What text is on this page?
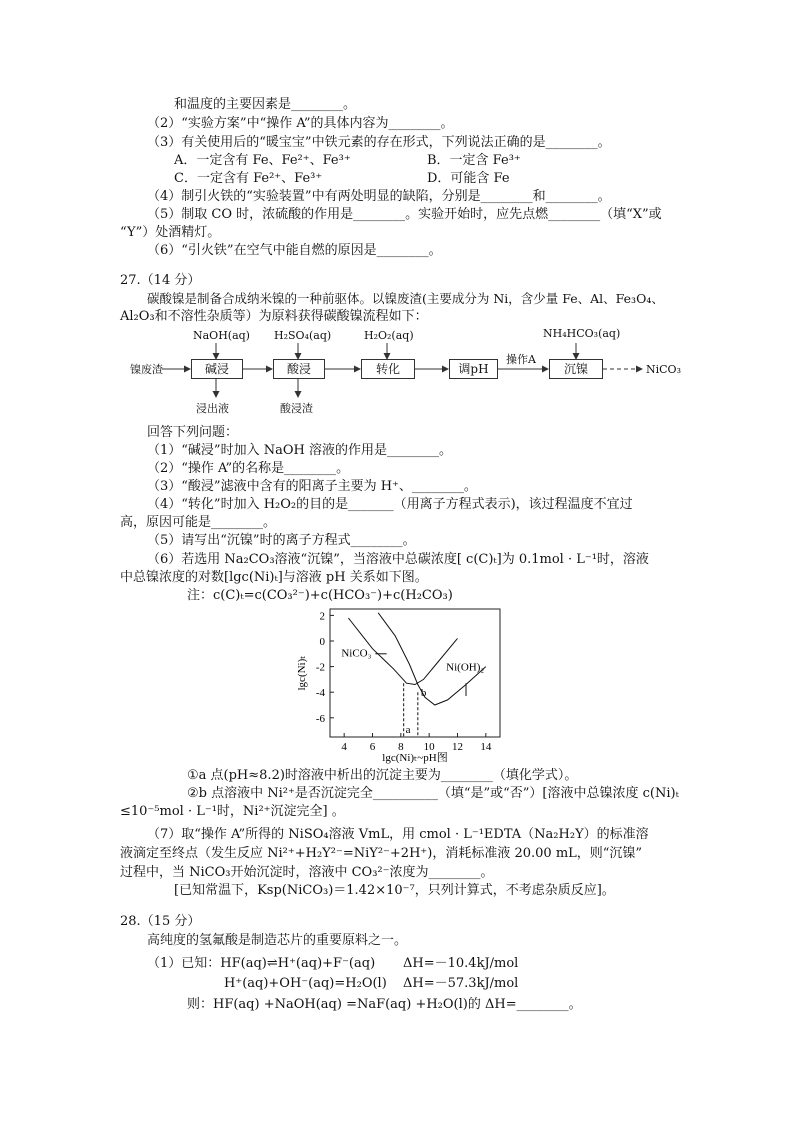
和温度的主要因素是________。
（2）“实验方案”中“操作 A”的具体内容为________。
（3）有关使用后的“暖宝宝”中铁元素的存在形式，下列说法正确的是________。
A．一定含有 Fe、Fe²⁺、Fe³⁺	B．一定含 Fe³⁺
C．一定含有 Fe²⁺、Fe³⁺	D．可能含 Fe
（4）制引火铁的“实验装置”中有两处明显的缺陷，分别是________和________。
（5）制取 CO 时，浓硫酸的作用是________。实验开始时，应先点燃________（填“X”或
“Y”）处酒精灯。
（6）“引火铁”在空气中能自燃的原因是________。
27.（14 分）
碳酸镍是制备合成纳米镍的一种前驱体。以镍废渣(主要成分为 Ni，含少量 Fe、Al、Fe₃O₄、
Al₂O₃和不溶性杂质等）为原料获得碳酸镍流程如下：
镍废渣	碱浸	酸浸	转化	调pH	沉镍
NaOH(aq) H₂SO₄(aq)	H₂O₂(aq)	NH₄HCO₃(aq)
操作A
NiCO₃
浸出液	酸浸渣
回答下列问题：
（1）“碱浸”时加入 NaOH 溶液的作用是________。
（2）“操作 A”的名称是________。
（3）“酸浸”滤液中含有的阳离子主要为 H⁺、________。
（4）“转化”时加入 H₂O₂的目的是_______（用离子方程式表示)，该过程温度不宜过
高，原因可能是________。
（5）请写出“沉镍”时的离子方程式________。
（6）若选用 Na₂CO₃溶液“沉镍”，当溶液中总碳浓度[ c(C)ₜ]为 0.1mol · L⁻¹时，溶液
中总镍浓度的对数[lgc(Ni)ₜ]与溶液 pH 关系如下图。
注：c(C)ₜ=c(CO₃²⁻)+c(HCO₃⁻)+c(H₂CO₃)
4 6 8 10 12 14
2
0
-2
-4
-6
lgc(Ni)ₜ~pH图
lgc(Ni)ₜ
NiCO₃
Ni(OH)₂
a
b
①a 点(pH≈8.2)时溶液中析出的沉淀主要为________（填化学式）。
②b 点溶液中 Ni²⁺是否沉淀完全__________（填“是”或“否”）[溶液中总镍浓度 c(Ni)ₜ
≤10⁻⁵mol · L⁻¹时，Ni²⁺沉淀完全] 。
（7）取“操作 A”所得的 NiSO₄溶液 VmL，用 cmol · L⁻¹EDTA（Na₂H₂Y）的标准溶
液滴定至终点（发生反应 Ni²⁺+H₂Y²⁻=NiY²⁻+2H⁺)，消耗标准液 20.00 mL，则“沉镍”
过程中，当 NiCO₃开始沉淀时，溶液中 CO₃²⁻浓度为________。
[已知常温下，Ksp(NiCO₃)＝1.42×10⁻⁷，只列计算式，不考虑杂质反应]。
28.（15 分）
高纯度的氢氟酸是制造芯片的重要原料之一。
（1）已知：HF(aq)⇌H⁺(aq)+F⁻(aq) ΔH=－10.4kJ/mol
H⁺(aq)+OH⁻(aq)=H₂O(l) ΔH=－57.3kJ/mol
则：HF(aq) +NaOH(aq) =NaF(aq) +H₂O(l)的 ΔH=________。
